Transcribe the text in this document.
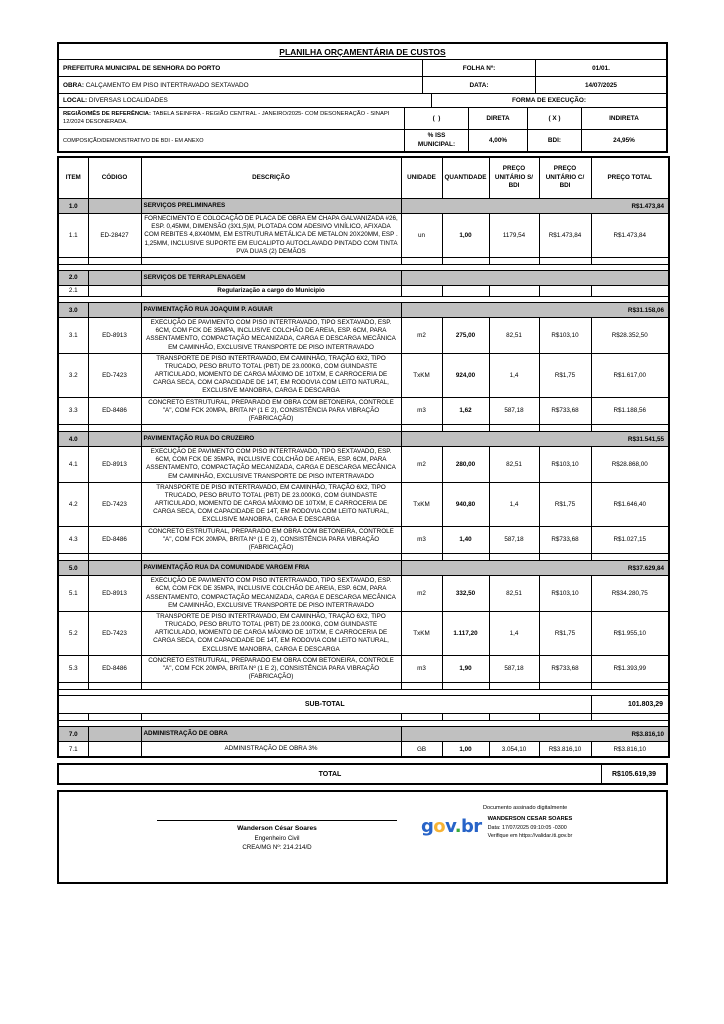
PLANILHA ORÇAMENTÁRIA DE CUSTOS
PREFEITURA MUNICIPAL DE SENHORA DO PORTO	FOLHA Nº:	01/01.
OBRA: CALÇAMENTO EM PISO INTERTRAVADO SEXTAVADO	DATA:	14/07/2025
LOCAL: DIVERSAS LOCALIDADES	FORMA DE EXECUÇÃO:
REGIÃO/MÊS DE REFERÊNCIA: TABELA SEINFRA - REGIÃO CENTRAL - JANEIRO/2025- COM DESONERAÇÃO - SINAPI 12/2024 DESONERADA.	(  )	DIRETA	( X )	INDIRETA
COMPOSIÇÃO/DEMONSTRATIVO DE BDI - EM ANEXO
% ISS MUNICIPAL:	4,00%	BDI:	24,95%
ITEM	CÓDIGO	DESCRIÇÃO	UNIDADE	QUANTIDADE	PREÇO UNITÁRIO S/ BDI	PREÇO UNITÁRIO C/ BDI	PREÇO TOTAL
1.0		SERVIÇOS PRELIMINARES	R$1.473,84				
1.1	ED-28427	FORNECIMENTO E COLOCAÇÃO DE PLACA DE OBRA EM CHAPA GALVANIZADA #26, ESP. 0,45MM, DIMENSÃO (3X1,5)M, PLOTADA COM ADESIVO VINÍLICO, AFIXADA COM REBITES 4,8X40MM, EM ESTRUTURA METÁLICA DE METALON 20X20MM, ESP . 1,25MM, INCLUSIVE SUPORTE EM EUCALIPTO AUTOCLAVADO PINTADO COM TINTA PVA DUAS (2) DEMÃOS	un	1,00	1179,54	R$1.473,84	R$1.473,84

2.0		SERVIÇOS DE TERRAPLENAGEM					
2.1		Regularização a cargo do Municipio					

3.0		PAVIMENTAÇÃO RUA JOAQUIM P. AGUIAR	R$31.158,06				
3.1	ED-8913	EXECUÇÃO DE PAVIMENTO COM PISO INTERTRAVADO, TIPO SEXTAVADO, ESP. 6CM, COM FCK DE 35MPA, INCLUSIVE COLCHÃO DE AREIA, ESP. 6CM, PARA ASSENTAMENTO, COMPACTAÇÃO MECANIZADA, CARGA E DESCARGA MECÂNICA EM CAMINHÃO, EXCLUSIVE TRANSPORTE DE PISO INTERTRAVADO	m2	275,00	82,51	R$103,10	R$28.352,50
3.2	ED-7423	TRANSPORTE DE PISO INTERTRAVADO, EM CAMINHÃO, TRAÇÃO 6X2, TIPO TRUCADO, PESO BRUTO TOTAL (PBT) DE 23.000KG, COM GUINDASTE ARTICULADO, MOMENTO DE CARGA MÁXIMO DE 10TXM, E CARROCERIA DE CARGA SECA, COM CAPACIDADE DE 14T, EM RODOVIA COM LEITO NATURAL, EXCLUSIVE MANOBRA, CARGA E DESCARGA	TxKM	924,00	1,4	R$1,75	R$1.617,00
3.3	ED-8486	CONCRETO ESTRUTURAL, PREPARADO EM OBRA COM BETONEIRA, CONTROLE "A", COM FCK 20MPA, BRITA Nº (1 E 2), CONSISTÊNCIA PARA VIBRAÇÃO (FABRICAÇÃO)	m3	1,62	587,18	R$733,68	R$1.188,56

4.0		PAVIMENTAÇÃO RUA DO CRUZEIRO	R$31.541,55				
4.1	ED-8913	EXECUÇÃO DE PAVIMENTO COM PISO INTERTRAVADO, TIPO SEXTAVADO, ESP. 6CM, COM FCK DE 35MPA, INCLUSIVE COLCHÃO DE AREIA, ESP. 6CM, PARA ASSENTAMENTO, COMPACTAÇÃO MECANIZADA, CARGA E DESCARGA MECÂNICA EM CAMINHÃO, EXCLUSIVE TRANSPORTE DE PISO INTERTRAVADO	m2	280,00	82,51	R$103,10	R$28.868,00
4.2	ED-7423	TRANSPORTE DE PISO INTERTRAVADO, EM CAMINHÃO, TRAÇÃO 6X2, TIPO TRUCADO, PESO BRUTO TOTAL (PBT) DE 23.000KG, COM GUINDASTE ARTICULADO, MOMENTO DE CARGA MÁXIMO DE 10TXM, E CARROCERIA DE CARGA SECA, COM CAPACIDADE DE 14T, EM RODOVIA COM LEITO NATURAL, EXCLUSIVE MANOBRA, CARGA E DESCARGA	TxKM	940,80	1,4	R$1,75	R$1.646,40
4.3	ED-8486	CONCRETO ESTRUTURAL, PREPARADO EM OBRA COM BETONEIRA, CONTROLE "A", COM FCK 20MPA, BRITA Nº (1 E 2), CONSISTÊNCIA PARA VIBRAÇÃO (FABRICAÇÃO)	m3	1,40	587,18	R$733,68	R$1.027,15

5.0		PAVIMENTAÇÃO RUA DA COMUNIDADE VARGEM FRIA	R$37.629,84				
5.1	ED-8913	EXECUÇÃO DE PAVIMENTO COM PISO INTERTRAVADO, TIPO SEXTAVADO, ESP. 6CM, COM FCK DE 35MPA, INCLUSIVE COLCHÃO DE AREIA, ESP. 6CM, PARA ASSENTAMENTO, COMPACTAÇÃO MECANIZADA, CARGA E DESCARGA MECÂNICA EM CAMINHÃO, EXCLUSIVE TRANSPORTE DE PISO INTERTRAVADO	m2	332,50	82,51	R$103,10	R$34.280,75
5.2	ED-7423	TRANSPORTE DE PISO INTERTRAVADO, EM CAMINHÃO, TRAÇÃO 6X2, TIPO TRUCADO, PESO BRUTO TOTAL (PBT) DE 23.000KG, COM GUINDASTE ARTICULADO, MOMENTO DE CARGA MÁXIMO DE 10TXM, E CARROCERIA DE CARGA SECA, COM CAPACIDADE DE 14T, EM RODOVIA COM LEITO NATURAL, EXCLUSIVE MANOBRA, CARGA E DESCARGA	TxKM	1.117,20	1,4	R$1,75	R$1.955,10
5.3	ED-8486	CONCRETO ESTRUTURAL, PREPARADO EM OBRA COM BETONEIRA, CONTROLE "A", COM FCK 20MPA, BRITA Nº (1 E 2), CONSISTÊNCIA PARA VIBRAÇÃO (FABRICAÇÃO)	m3	1,90	587,18	R$733,68	R$1.393,99

SUB-TOTAL							101.803,29

7.0		ADMINISTRAÇÃO DE OBRA	R$3.816,10				
7.1		ADMINISTRAÇÃO DE OBRA 3%	GB	1,00	3.054,10	R$3.816,10	R$3.816,10
TOTAL	R$105.619,39
Wanderson César Soares
Engenheiro Civil
CREA/MG Nº: 214.214/D
Documento assinado digitalmente
gov.br WANDERSON CESAR SOARES
Data: 17/07/2025 09:10:05 -0300
Verifique em https://validar.iti.gov.br
